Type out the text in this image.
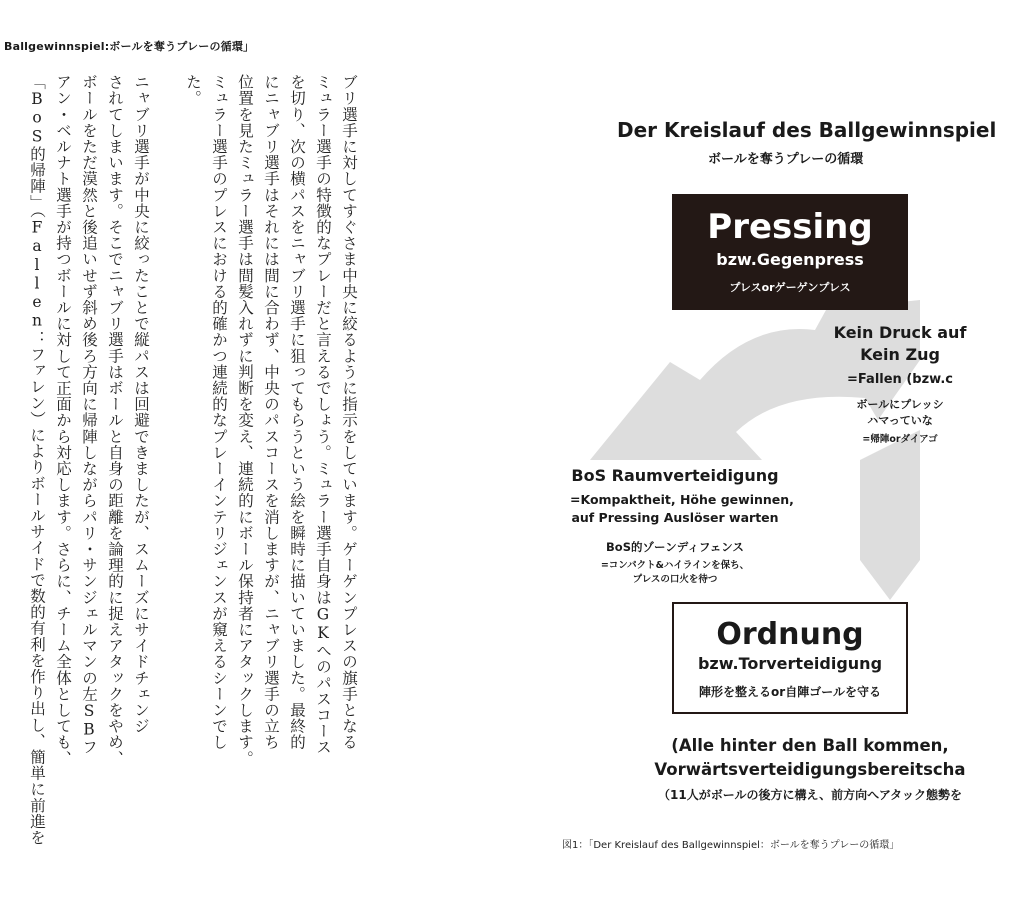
Ballgewinnspiel:ボールを奪うプレーの循環」
ブリ選手に対してすぐさま中央に絞るように指示をしています。ゲーゲンプレスの旗手となる
ミュラー選手の特徴的なプレーだと言えるでしょう。ミュラー選手自身はGKへのパスコース
を切り、次の横パスをニャブリ選手に狙ってもらうという絵を瞬時に描いていました。最終的
にニャブリ選手はそれには間に合わず、中央のパスコースを消しますが、ニャブリ選手の立ち
位置を見たミュラー選手は間髪入れずに判断を変え、連続的にボール保持者にアタックします。
ミュラー選手のプレスにおける的確かつ連続的なプレーインテリジェンスが窺えるシーンでし
た。
ニャブリ選手が中央に絞ったことで縦パスは回避できましたが、スムーズにサイドチェンジ
されてしまいます。そこでニャブリ選手はボールと自身の距離を論理的に捉えアタックをやめ、
ボールをただ漠然と後追いせず斜め後ろ方向に帰陣しながらパリ・サンジェルマンの左SBフ
アン・ベルナト選手が持つボールに対して正面から対応します。さらに、チーム全体としても、
「BoS的帰陣」（Fallen：ファレン）によりボールサイドで数的有利を作り出し、簡単に前進を	Der Kreislauf des Ballgewinnspiel
ボールを奪うプレーの循環
Pressing
bzw.Gegenpress
プレスorゲーゲンプレス
Kein Druck auf
Kein Zug
=Fallen (bzw.c
ボールにプレッシ
ハマっていな
=帰陣orダイアゴ
BoS Raumverteidigung
=Kompaktheit, Höhe gewinnen,
auf Pressing Auslöser warten
BoS的ゾーンディフェンス
=コンパクト&ハイラインを保ち、
プレスの口火を待つ
Ordnung
bzw.Torverteidigung
陣形を整えるor自陣ゴールを守る
(Alle hinter den Ball kommen,
Vorwärtsverteidigungsbereitscha
（11人がボールの後方に構え、前方向へアタック態勢を
図1：「Der Kreislauf des Ballgewinnspiel：ボールを奪うプレーの循環」
